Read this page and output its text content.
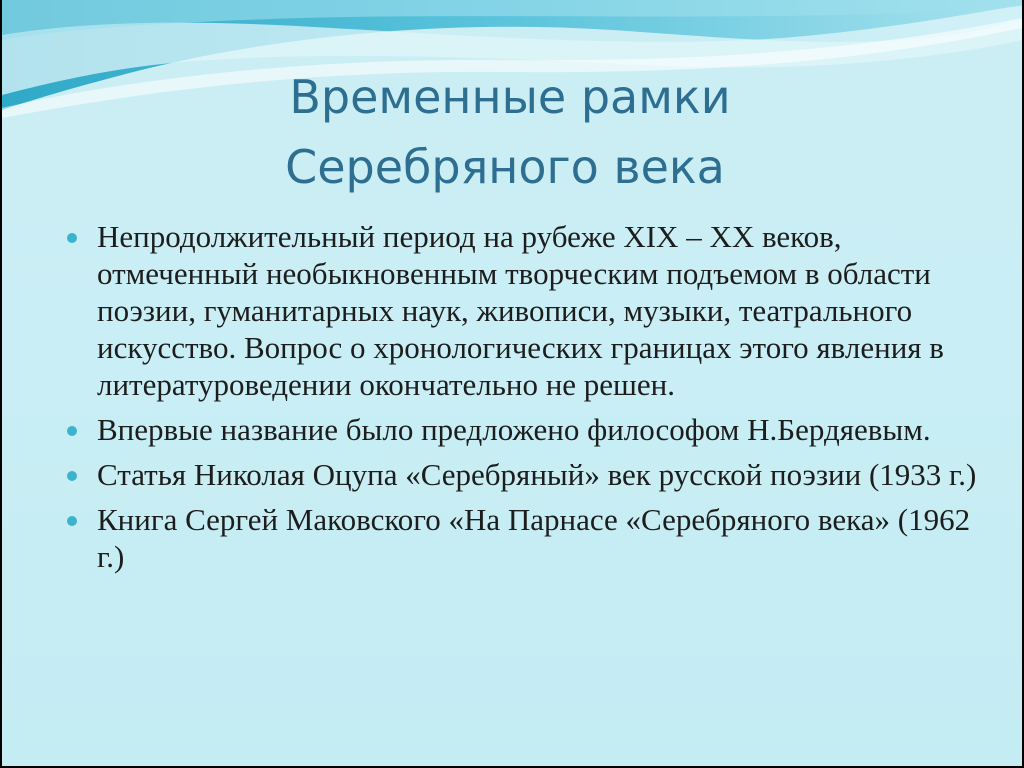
Временные рамки
Серебряного века
Непродолжительный период на рубеже XIX – XX веков, отмеченный необыкновенным творческим подъемом в области поэзии, гуманитарных наук, живописи, музыки, театрального искусство. Вопрос о хронологических границах этого явления в литературоведении окончательно не решен.
Впервые название было предложено философом Н.Бердяевым.
Статья Николая Оцупа «Серебряный» век русской поэзии (1933 г.)
Книга Сергей Маковского «На Парнасе «Серебряного века» (1962 г.)
